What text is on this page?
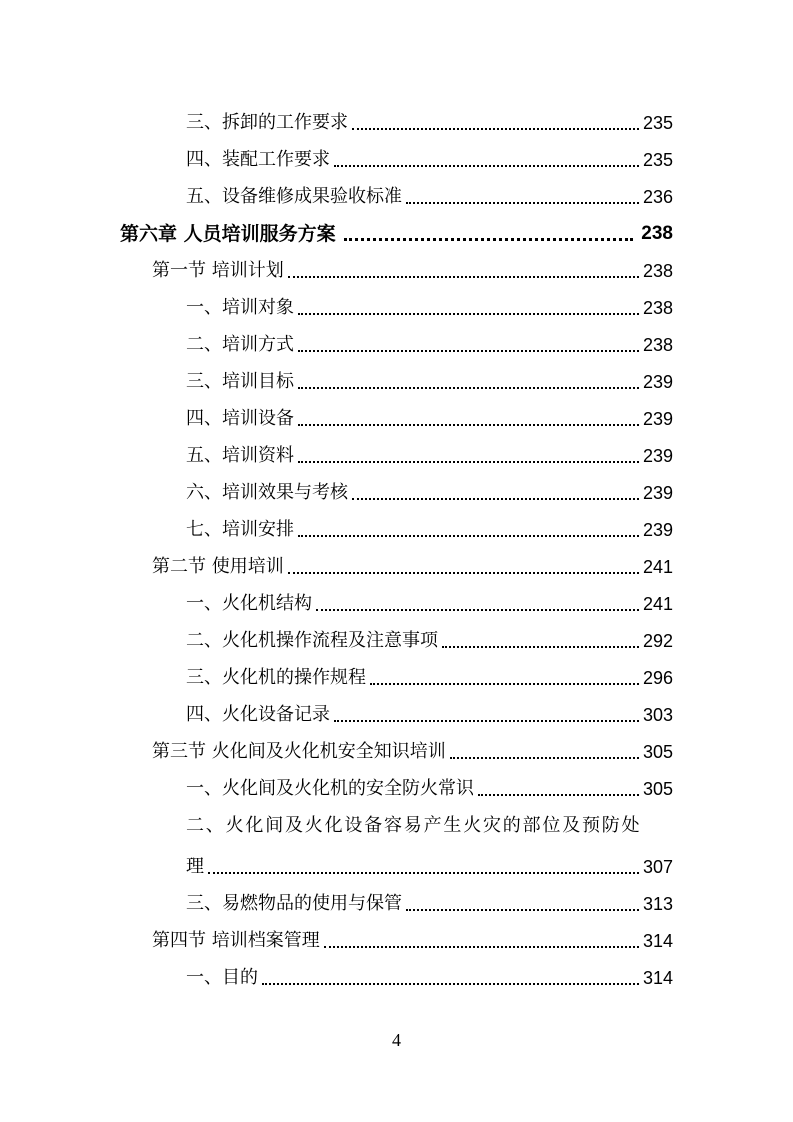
三、拆卸的工作要求	235
四、装配工作要求	235
五、设备维修成果验收标准	236
第六章 人员培训服务方案	238
第一节 培训计划	238
一、培训对象	238
二、培训方式	238
三、培训目标	239
四、培训设备	239
五、培训资料	239
六、培训效果与考核	239
七、培训安排	239
第二节 使用培训	241
一、火化机结构	241
二、火化机操作流程及注意事项	292
三、火化机的操作规程	296
四、火化设备记录	303
第三节 火化间及火化机安全知识培训	305
一、火化间及火化机的安全防火常识	305
二、火化间及火化设备容易产生火灾的部位及预防处
理	307
三、易燃物品的使用与保管	313
第四节 培训档案管理	314
一、目的	314
4
